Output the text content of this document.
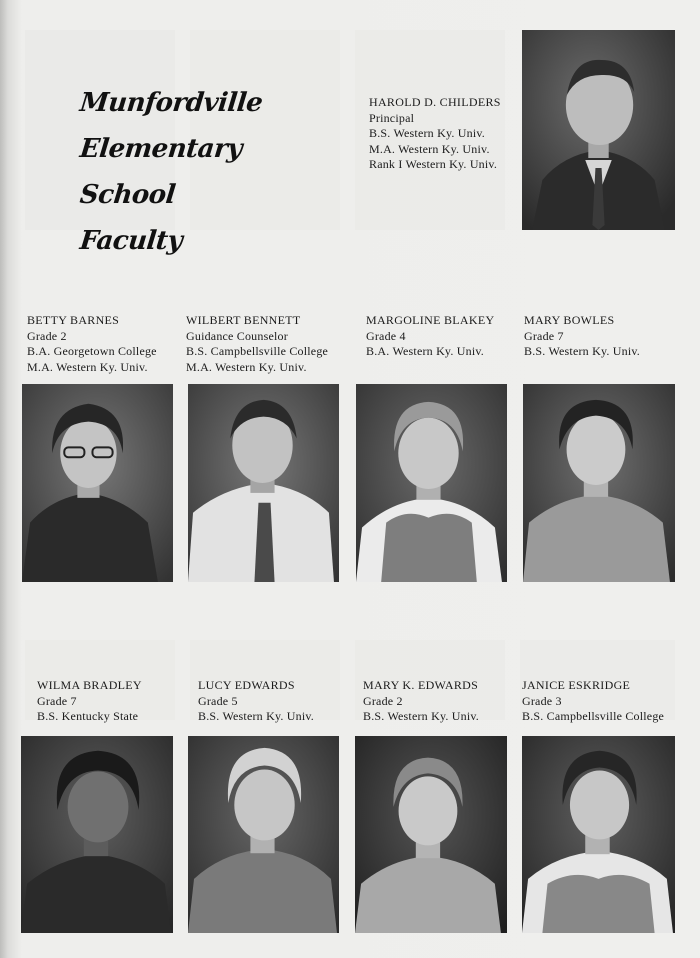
Munfordville
Elementary
School
Faculty
HAROLD D. CHILDERS
Principal
B.S. Western Ky. Univ.
M.A. Western Ky. Univ.
Rank I Western Ky. Univ.
BETTY BARNES
Grade 2
B.A. Georgetown College
M.A. Western Ky. Univ.
WILBERT BENNETT
Guidance Counselor
B.S. Campbellsville College
M.A. Western Ky. Univ.
MARGOLINE BLAKEY
Grade 4
B.A. Western Ky. Univ.
MARY BOWLES
Grade 7
B.S. Western Ky. Univ.
WILMA BRADLEY
Grade 7
B.S. Kentucky State
LUCY EDWARDS
Grade 5
B.S. Western Ky. Univ.
MARY K. EDWARDS
Grade 2
B.S. Western Ky. Univ.
JANICE ESKRIDGE
Grade 3
B.S. Campbellsville College
